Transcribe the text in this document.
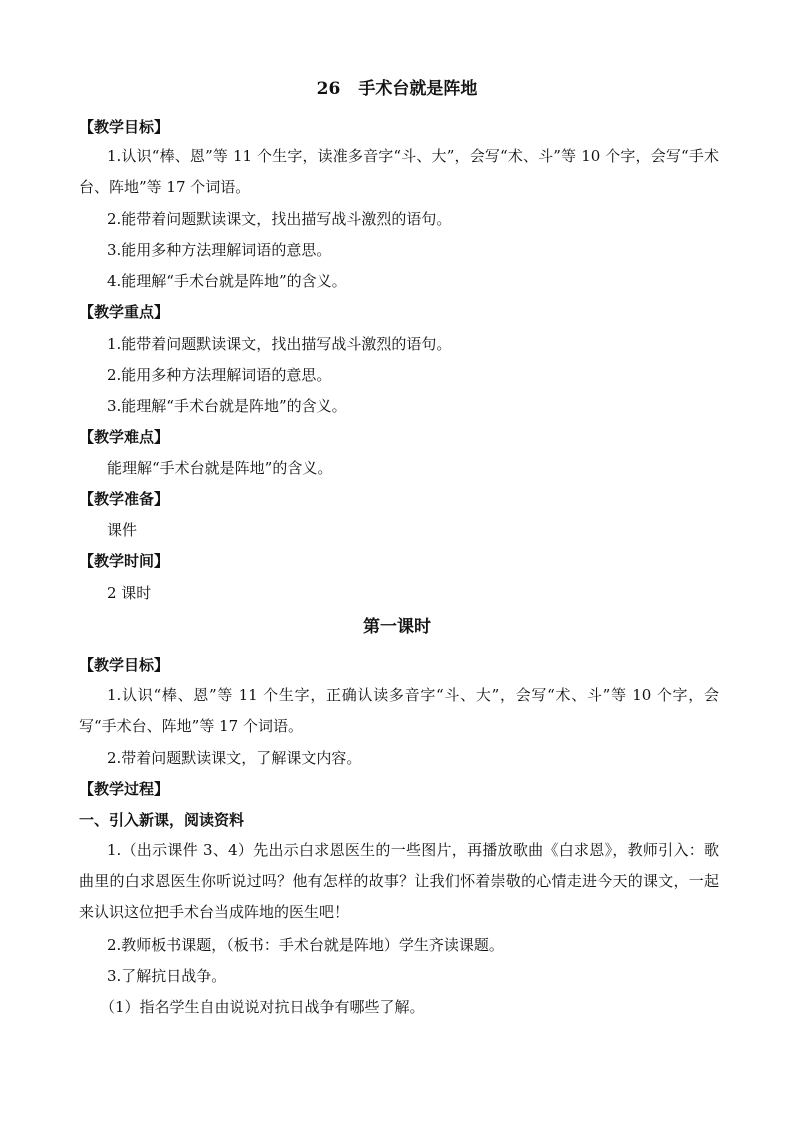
26 手术台就是阵地
【教学目标】

1.认识“棒、恩”等 11 个生字，读准多音字“斗、大”，会写“术、斗”等 10 个字，会写“手术台、阵地”等 17 个词语。

2.能带着问题默读课文，找出描写战斗激烈的语句。
3.能用多种方法理解词语的意思。
4.能理解“手术台就是阵地”的含义。
【教学重点】
1.能带着问题默读课文，找出描写战斗激烈的语句。
2.能用多种方法理解词语的意思。
3.能理解“手术台就是阵地”的含义。
【教学难点】
能理解“手术台就是阵地”的含义。
【教学准备】
课件
【教学时间】
2 课时
第一课时
【教学目标】

1.认识“棒、恩”等 11 个生字，正确认读多音字“斗、大”，会写“术、斗”等 10 个字，会写“手术台、阵地”等 17 个词语。

2.带着问题默读课文，了解课文内容。
【教学过程】
一、引入新课，阅读资料

1.（出示课件 3、4）先出示白求恩医生的一些图片，再播放歌曲《白求恩》，教师引入：歌曲里的白求恩医生你听说过吗？他有怎样的故事？让我们怀着崇敬的心情走进今天的课文，一起来认识这位把手术台当成阵地的医生吧！

2.教师板书课题，（板书：手术台就是阵地）学生齐读课题。
3.了解抗日战争。
（1）指名学生自由说说对抗日战争有哪些了解。
